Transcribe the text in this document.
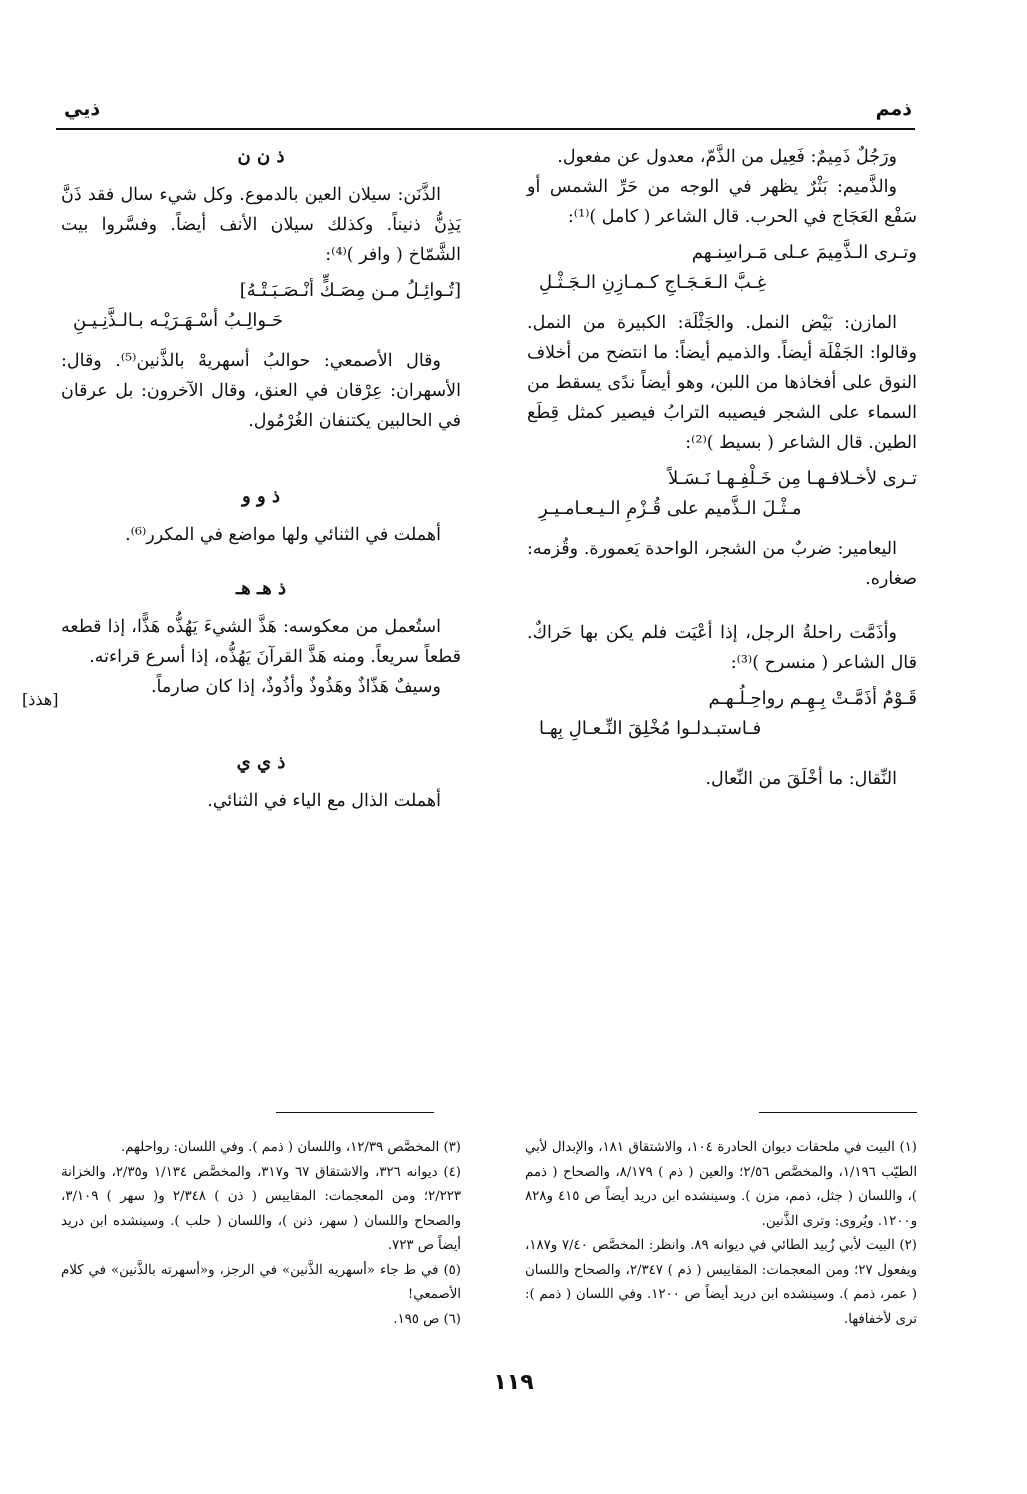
ذمم
ذيي

ورَجُلٌ ذَمِيمٌ: فَعِيل من الذَّمّ، معدول عن مفعول.

والذَّميم: بَثْرٌ يظهر في الوجه من حَرِّ الشمس أو سَفْع العَجَاج في الحرب. قال الشاعر ( كامل )⁽¹⁾:

وتـرى الـذَّمِيمَ عـلى مَـراسِنـهم
غِـبَّ الـعَـجَـاجِ كـمـازِنِ الـجَـثْـلِ

المازن: بَيْض النمل. والجَثْلَة: الكبيرة من النمل. وقالوا: الجَفْلَة أيضاً. والذميم أيضاً: ما انتضح من أخلاف النوق على أفخاذها من اللبن، وهو أيضاً ندًى يسقط من السماء على الشجر فيصيبه الترابُ فيصير كمثل قِطَع الطين. قال الشاعر ( بسيط )⁽²⁾:

تـرى لأخـلافـهـا مِن خَـلْفِـهـا نَـسَـلاً
مـثْـلَ الـذَّميم على قُـزْمِ الـيـعـامـيـرِ

اليعامير: ضربٌ من الشجر، الواحدة يَعمورة. وقُزمه: صغاره.

وأذَمَّت راحلةُ الرجل، إذا أعْيَت فلم يكن بها حَراكٌ. قال الشاعر ( منسرح )⁽³⁾:

قَـوْمٌ أذَمَّـتْ بِـهِـم رواحِـلُـهـم
فـاستبـدلـوا مُخْلِقَ النِّـعـالِ بِهـا

النِّقال: ما أخْلَقَ من النِّعال.

ذ ن ن

الذَّنَن: سيلان العين بالدموع. وكل شيء سال فقد ذَنَّ يَذِنُّ ذنيناً. وكذلك سيلان الأنف أيضاً. وفسَّروا بيت الشَّمّاخ ( وافر )⁽⁴⁾:

[تُـوائِـلُ مـن مِصَـكٍّ أنْـصَـبَـتْـهُ]
حَـوالِـبُ أسْـهَـرَيْـه بـالـذَّنِـيـنِ

وقال الأصمعي: حوالبُ أسهريهْ بالذَّنين⁽⁵⁾. وقال: الأسهران: عِرْقان في العنق، وقال الآخرون: بل عرقان في الحالبين يكتنفان الغُرْمُول.

ذ و و

أهملت في الثنائي ولها مواضع في المكرر⁽⁶⁾.

ذ هـ هـ

استُعمل من معكوسه: هَذَّ الشيءَ يَهُذُّه هَذًّا، إذا قطعه قطعاً سريعاً. ومنه هَذَّ القرآنَ يَهُذُّه، إذا أسرع قراءته.

وسيفٌ هَذّاذٌ وهَذُوذٌ وأذُوذٌ، إذا كان صارماً.

ذ ي ي

أهملت الذال مع الياء في الثنائي.

[هذذ]

(١) البيت في ملحقات ديوان الحادرة ١٠٤، والاشتقاق ١٨١، والإبدال لأبي الطيّب ١/١٩٦، والمخصَّص ٢/٥٦؛ والعين ( ذم ) ٨/١٧٩، والصحاح ( ذمم )، واللسان ( جثل، ذمم، مزن ). وسينشده ابن دريد أيضاً ص ٤١٥ و٨٢٨ و١٢٠٠. ويُروى: وترى الذَّنين.

(٢) البيت لأبي زُبيد الطائي في ديوانه ٨٩. وانظر: المخصَّص ٧/٤٠ و١٨٧، ويفعول ٢٧؛ ومن المعجمات: المقاييس ( ذم ) ٢/٣٤٧، والصحاح واللسان ( عمر، ذمم ). وسينشده ابن دريد أيضاً ص ١٢٠٠. وفي اللسان ( ذمم ): ترى لأخفافها.

(٣) المخصَّص ١٢/٣٩، واللسان ( ذمم ). وفي اللسان: رواحلهم.

(٤) ديوانه ٣٢٦، والاشتقاق ٦٧ و٣١٧، والمخصَّص ١/١٣٤ و٢/٣٥، والخزانة ٢/٢٢٣؛ ومن المعجمات: المقاييس ( ذن ) ٢/٣٤٨ و( سهر ) ٣/١٠٩، والصحاح واللسان ( سهر، ذنن )، واللسان ( حلب ). وسينشده ابن دريد أيضاً ص ٧٢٣.

(٥) في ط جاء «أسهريه الذَّنين» في الرجز، و«أسهرته بالذَّنين» في كلام الأصمعي!

(٦) ص ١٩٥.

١١٩
